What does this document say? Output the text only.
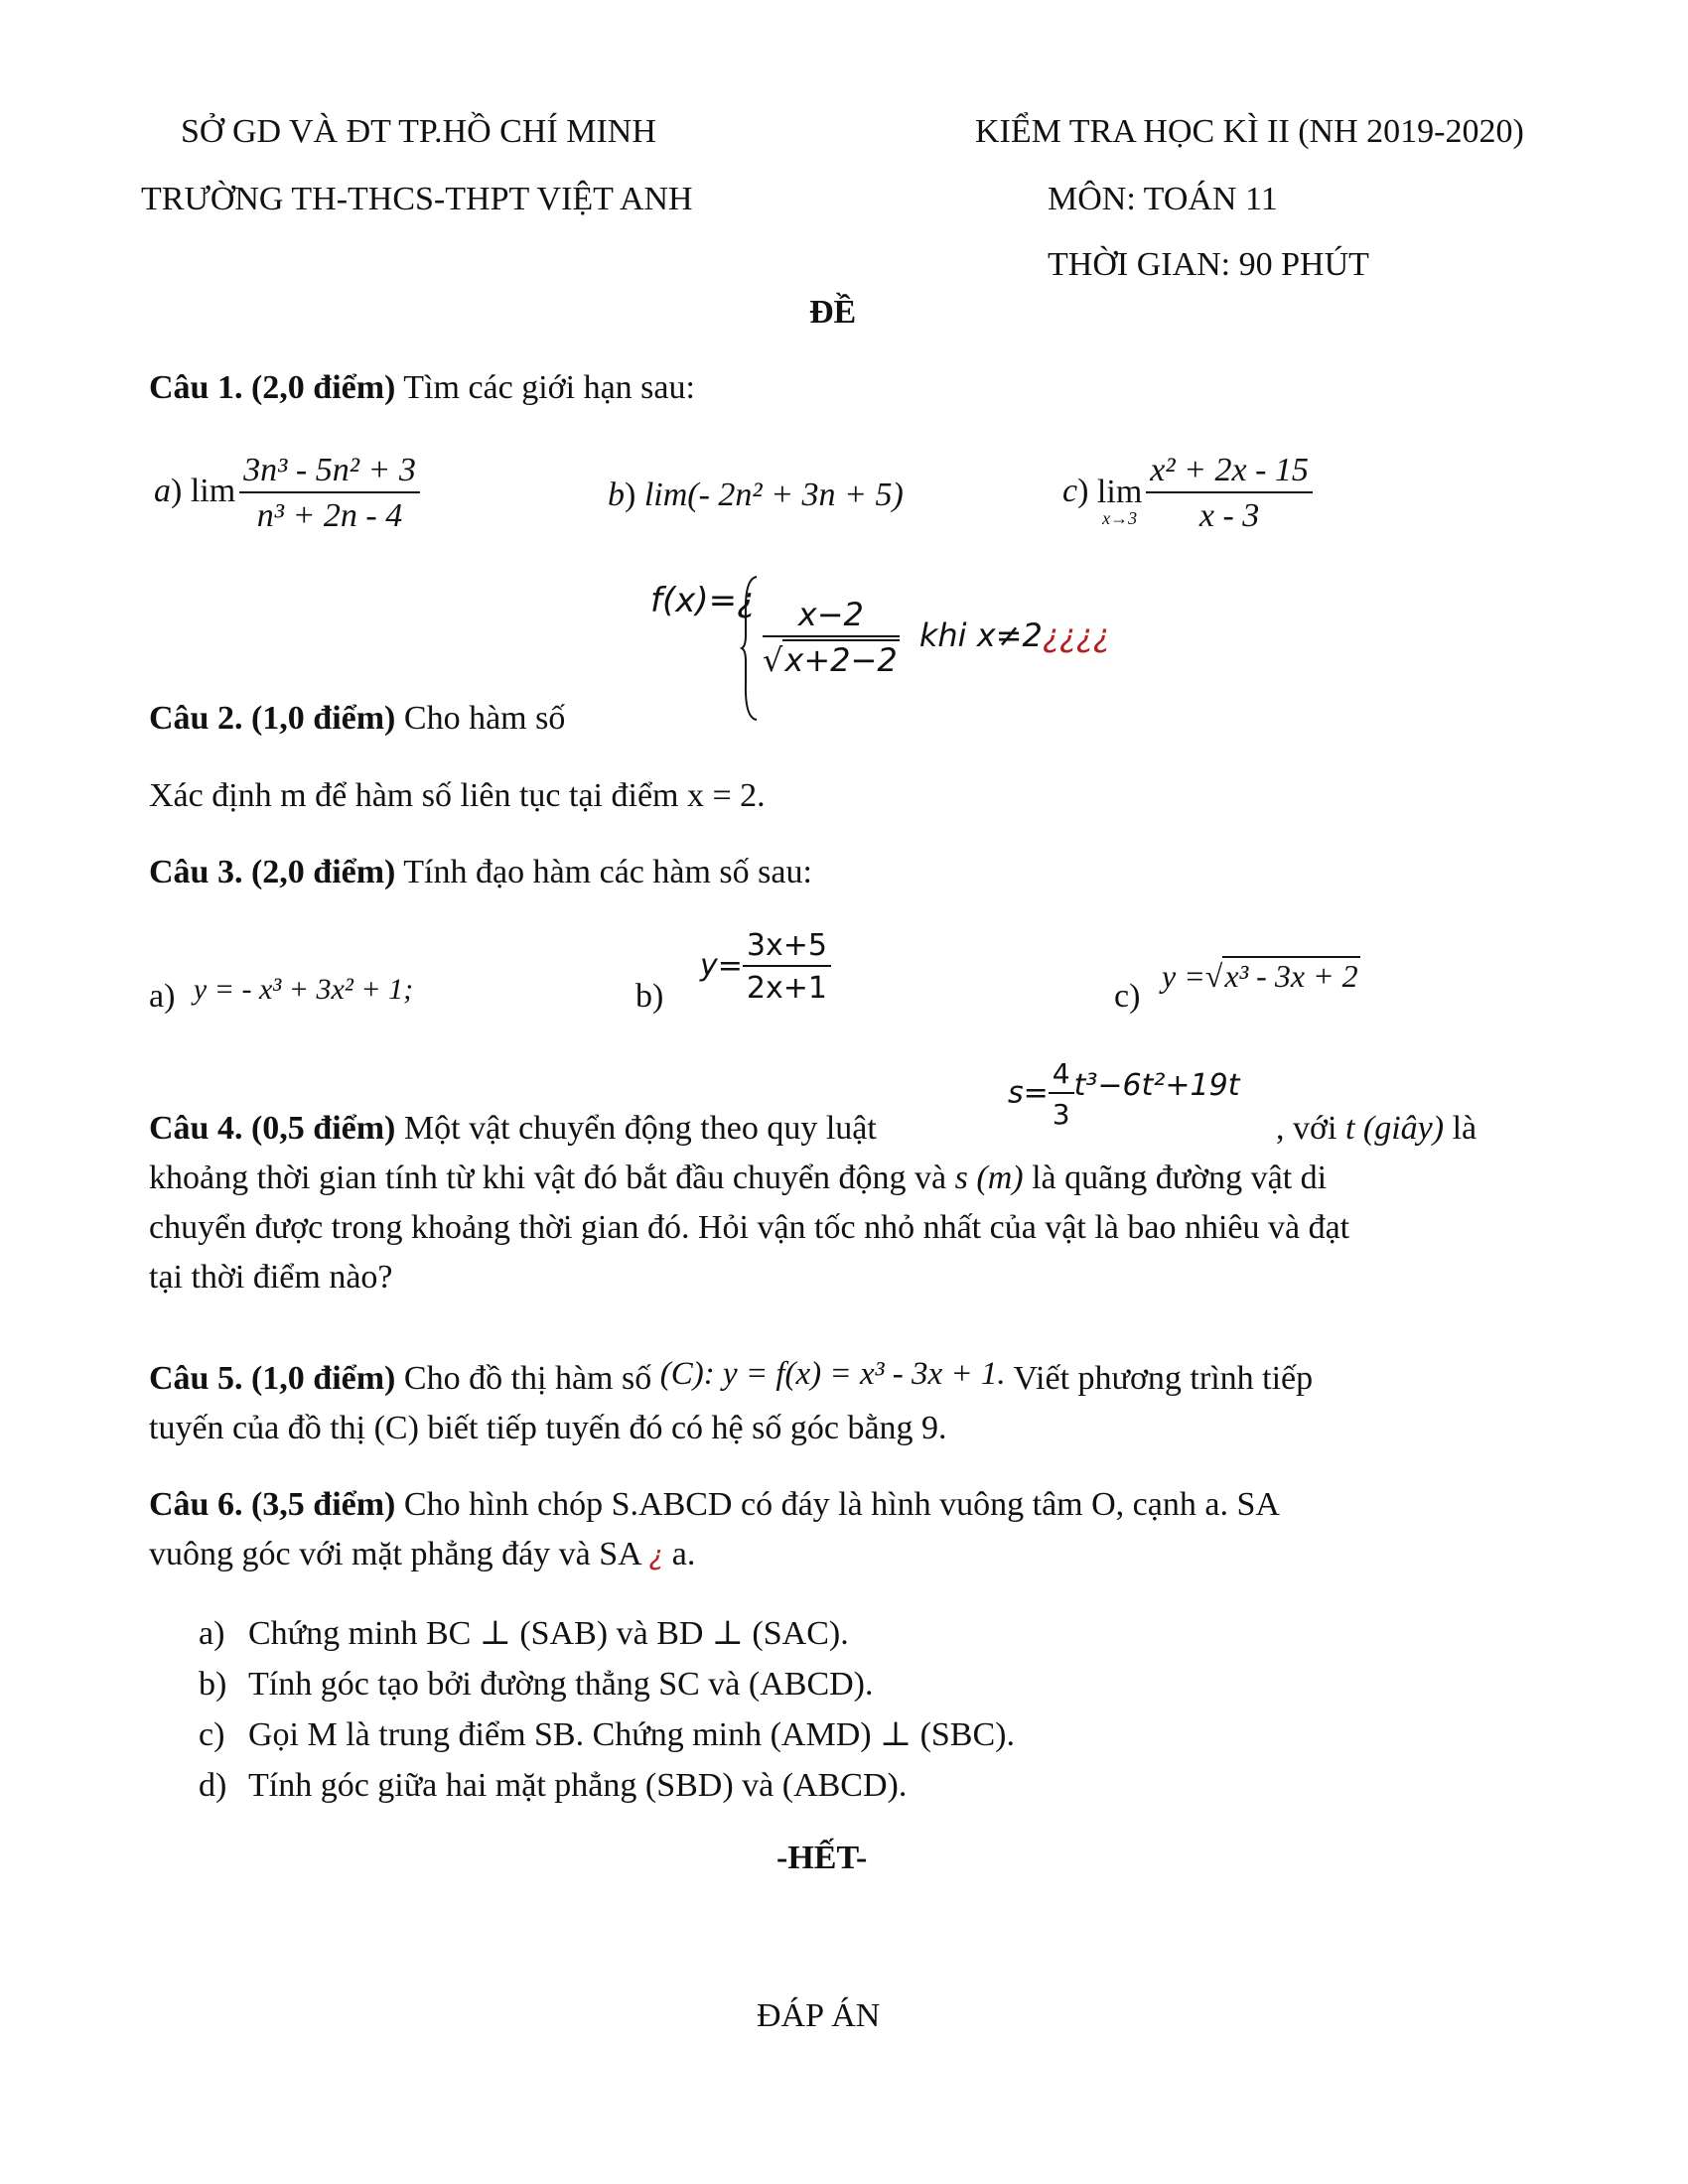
SỞ GD VÀ ĐT TP.HỒ CHÍ MINH
TRƯỜNG TH-THCS-THPT VIỆT ANH
KIỂM TRA HỌC KÌ II (NH 2019-2020)
MÔN: TOÁN 11
THỜI GIAN: 90 PHÚT
ĐỀ
Câu 1. (2,0 điểm) Tìm các giới hạn sau:
a) $\lim \frac{\text{3n³ - 5n² + 3}}{\text{n³ + 2n - 4}}$	b) lim(- 2n² + 3n + 5)	c) lim
$x\to 3 \frac{\text{x² + 2x - 15}}{x - 3}$
f(x)=¿ $\frac{x-2}{√x+2-2}$ khi x≠2¿¿¿¿
Câu 2. (1,0 điểm) Cho hàm số
Xác định m để hàm số liên tục tại điểm x = 2.
Câu 3. (2,0 điểm) Tính đạo hàm các hàm số sau:
a) y = - x³ + 3x² + 1;	b)
$y= \frac{3x+5}{2x+1}$	c)
y =√x³ - 3x + 2
$s= \frac{4}{3} t^3-6t^2+19t$
Câu 4. (0,5 điểm) Một vật chuyển động theo quy luật	, với t (giây) là
khoảng thời gian tính từ khi vật đó bắt đầu chuyển động và s (m) là quãng đường vật di
chuyển được trong khoảng thời gian đó. Hỏi vận tốc nhỏ nhất của vật là bao nhiêu và đạt
tại thời điểm nào?
Câu 5. (1,0 điểm) Cho đồ thị hàm số (C): y = f(x) = x³ - 3x + 1. Viết phương trình tiếp
tuyến của đồ thị (C) biết tiếp tuyến đó có hệ số góc bằng 9.
Câu 6. (3,5 điểm) Cho hình chóp S.ABCD có đáy là hình vuông tâm O, cạnh a. SA
vuông góc với mặt phẳng đáy và SA ¿ a.
a) Chứng minh BC ⊥ (SAB) và BD ⊥ (SAC).
b) Tính góc tạo bởi đường thẳng SC và (ABCD).
c) Gọi M là trung điểm SB. Chứng minh (AMD) ⊥ (SBC).
d) Tính góc giữa hai mặt phẳng (SBD) và (ABCD).
-HẾT-
ĐÁP ÁN
